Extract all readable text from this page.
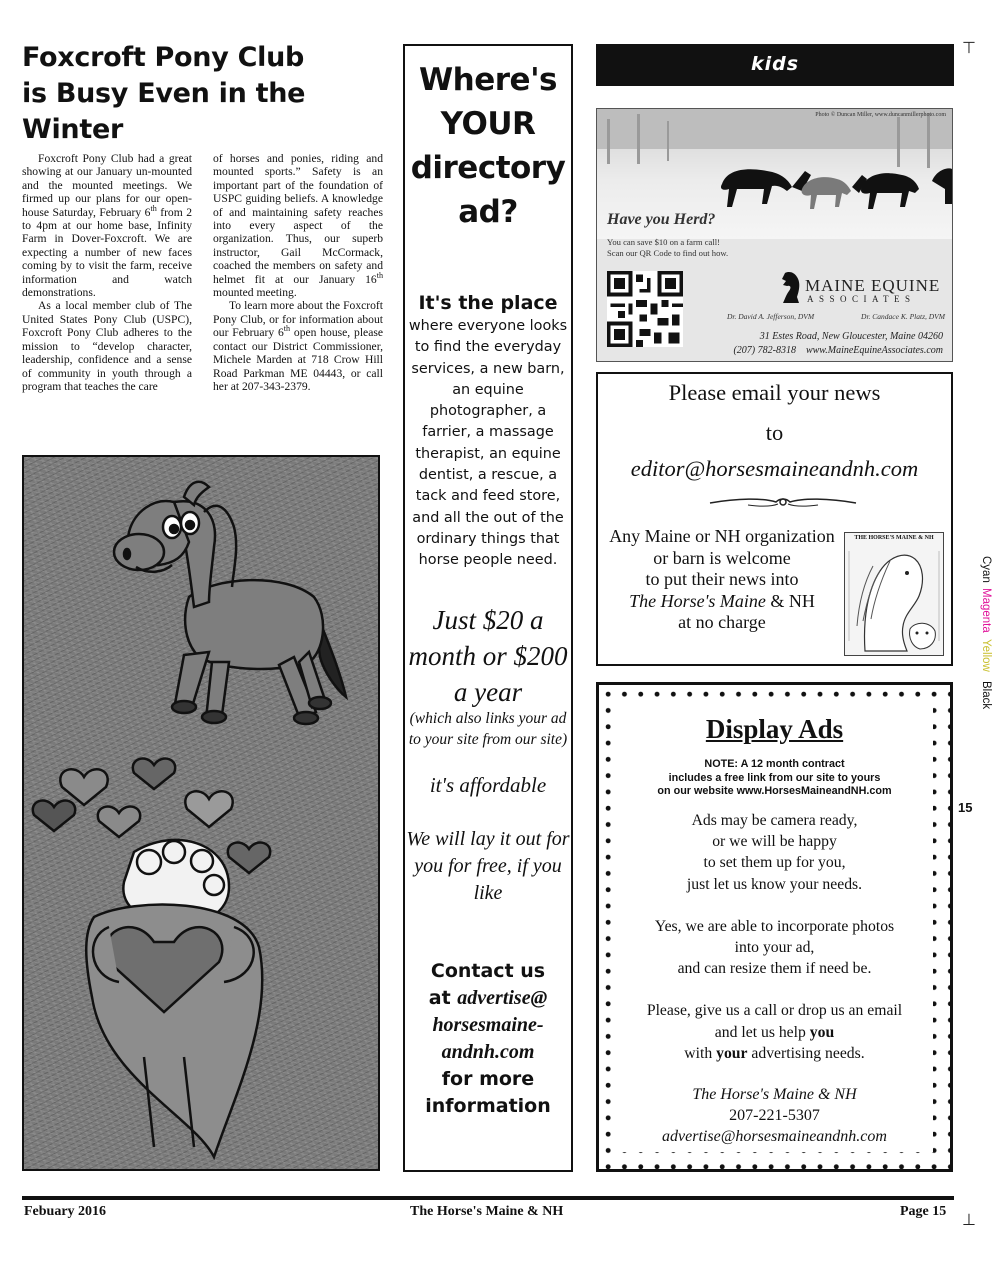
Foxcroft Pony Club
is Busy Even in the
Winter

Foxcroft Pony Club had a great showing at our January un-mounted and the mounted meetings. We firmed up our plans for our open-house Saturday, February 6th from 2 to 4pm at our home base, Infinity Farm in Dover-Foxcroft. We are expecting a number of new faces coming by to visit the farm, receive information and watch demonstrations.

As a local member club of The United States Pony Club (USPC), Foxcroft Pony Club adheres to the mission to “develop character, leadership, confidence and a sense of community in youth through a program that teaches the care

of horses and ponies, riding and mounted sports.” Safety is an important part of the foundation of USPC guiding beliefs. A knowledge of and maintaining safety reaches into every aspect of the organization. Thus, our superb instructor, Gail McCormack, coached the members on safety and helmet fit at our January 16th mounted meeting.

To learn more about the Foxcroft Pony Club, or for information about our February 6th open house, please contact our District Commissioner, Michele Marden at 718 Crow Hill Road Parkman ME 04443, or call her at 207-343-2379.

Where's
YOUR
directory
ad?
It's the place
where everyone looks to find the everyday services, a new barn, an equine photographer, a farrier, a massage therapist, an equine dentist, a rescue, a tack and feed store, and all the out of the ordinary things that horse people need.
Just $20 a month or $200 a year
(which also links your ad to your site from our site)
it's affordable
We will lay it out for you for free, if you like
Contact us
at advertise@
horsesmaine-
andnh.com
for more
information
kids
Photo © Duncan Miller, www.duncanmillerphoto.com
Have you Herd?
You can save $10 on a farm call!
Scan our QR Code to find out how.
MAINE EQUINE
ASSOCIATES
Dr. David A. Jefferson, DVM	Dr. Candace K. Platz, DVM
31 Estes Road, New Gloucester, Maine 04260
(207) 782-8318 www.MaineEquineAssociates.com
Please email your news
to
editor@horsesmaineandnh.com
Any Maine or NH organization or barn is welcome
to put their news into
The Horse's Maine & NH
at no charge
THE HORSE'S MAINE & NH
Display Ads
NOTE: A 12 month contract
includes a free link from our site to yours
on our website www.HorsesMaineandNH.com

Ads may be camera ready,
or we will be happy
to set them up for you,
just let us know your needs.

Yes, we are able to incorporate photos
into your ad,
and can resize them if need be.

Please, give us a call or drop us an email
and let us help you
with your advertising needs.

The Horse's Maine & NH
207-221-5307
advertise@horsesmaineandnh.com
⊤
⊥
Cyan
Magenta
Yellow
Black
15
Febuary 2016	The Horse's Maine & NH	Page 15
